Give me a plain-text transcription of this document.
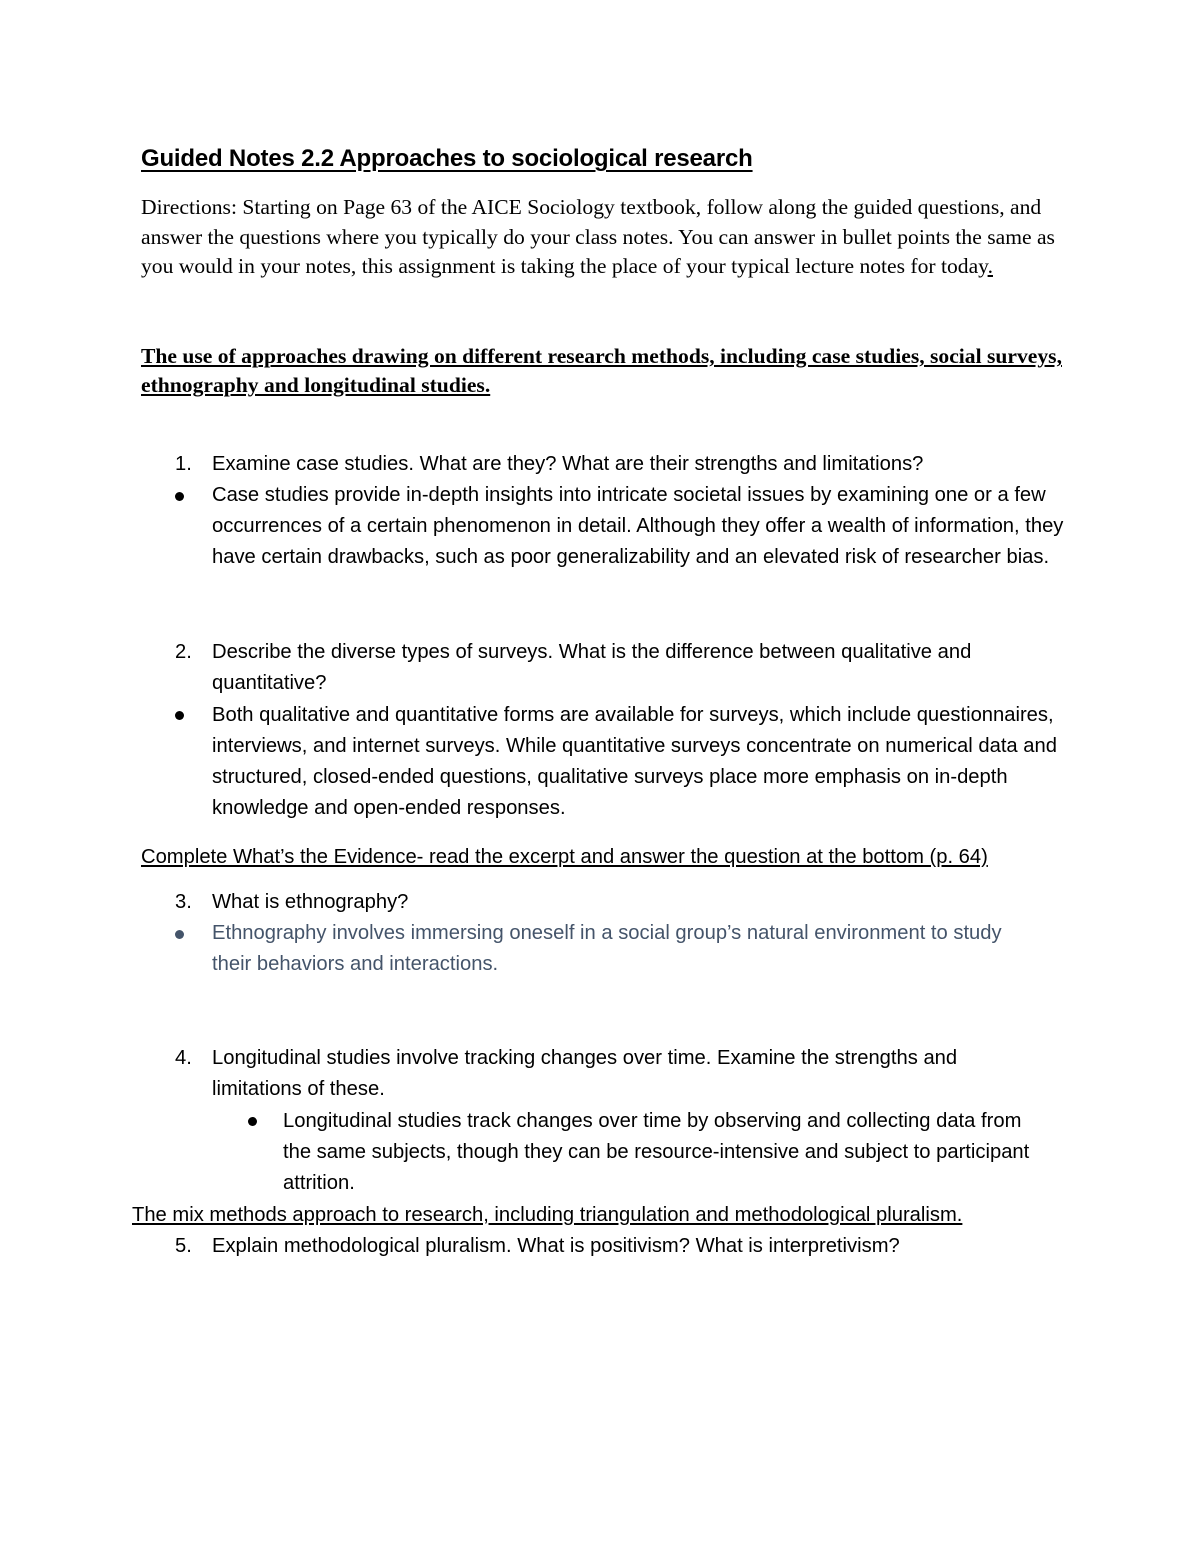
Guided Notes 2.2 Approaches to sociological research

Directions: Starting on Page 63 of the AICE Sociology textbook, follow along the guided questions, and answer the questions where you typically do your class notes. You can answer in bullet points the same as you would in your notes, this assignment is taking the place of your typical lecture notes for today.

The use of approaches drawing on different research methods, including case studies, social surveys, ethnography and longitudinal studies.

1. Examine case studies. What are they? What are their strengths and limitations?

Case studies provide in-depth insights into intricate societal issues by examining one or a few occurrences of a certain phenomenon in detail. Although they offer a wealth of information, they have certain drawbacks, such as poor generalizability and an elevated risk of researcher bias.

2. Describe the diverse types of surveys. What is the difference between qualitative and quantitative?

Both qualitative and quantitative forms are available for surveys, which include questionnaires, interviews, and internet surveys. While quantitative surveys concentrate on numerical data and structured, closed-ended questions, qualitative surveys place more emphasis on in-depth knowledge and open-ended responses.

Complete What’s the Evidence- read the excerpt and answer the question at the bottom (p. 64)

3. What is ethnography?

Ethnography involves immersing oneself in a social group’s natural environment to study their behaviors and interactions.

4. Longitudinal studies involve tracking changes over time. Examine the strengths and limitations of these.

Longitudinal studies track changes over time by observing and collecting data from the same subjects, though they can be resource-intensive and subject to participant attrition.

The mix methods approach to research, including triangulation and methodological pluralism.

5. Explain methodological pluralism. What is positivism? What is interpretivism?
